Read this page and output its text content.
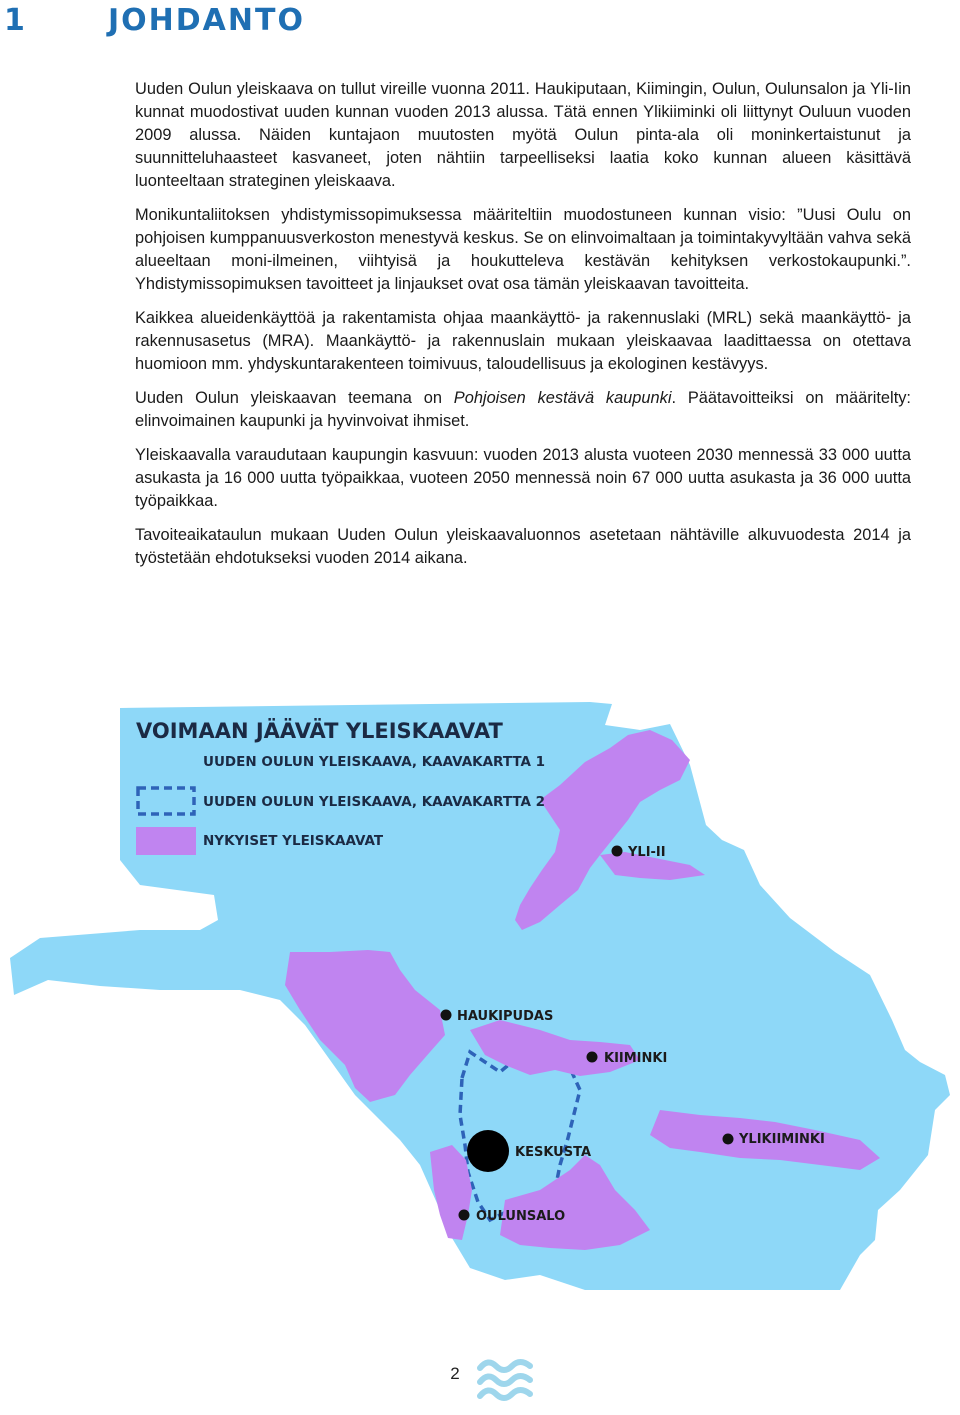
1	JOHDANTO

Uuden Oulun yleiskaava on tullut vireille vuonna 2011. Haukiputaan, Kiimingin, Oulun, Oulunsalon ja Yli-Iin kunnat muodostivat uuden kunnan vuoden 2013 alussa. Tätä ennen Ylikiiminki oli liittynyt Ouluun vuoden 2009 alussa. Näiden kuntajaon muutosten myötä Oulun pinta-ala oli moninkertaistunut ja suunnitteluhaasteet kasvaneet, joten nähtiin tarpeelliseksi laatia koko kunnan alueen käsittävä luonteeltaan strateginen yleiskaava.

Monikuntaliitoksen yhdistymissopimuksessa määriteltiin muodostuneen kunnan visio: ”Uusi Oulu on pohjoisen kumppanuusverkoston menestyvä keskus. Se on elinvoimaltaan ja toimintakyvyltään vahva sekä alueeltaan moni-ilmeinen, viihtyisä ja houkutteleva kestävän kehityksen verkostokaupunki.”. Yhdistymissopimuksen tavoitteet ja linjaukset ovat osa tämän yleiskaavan tavoitteita.

Kaikkea alueidenkäyttöä ja rakentamista ohjaa maankäyttö- ja rakennuslaki (MRL) sekä maankäyttö- ja rakennusasetus (MRA). Maankäyttö- ja rakennuslain mukaan yleiskaavaa laadittaessa on otettava huomioon mm. yhdyskuntarakenteen toimivuus, taloudellisuus ja ekologinen kestävyys.

Uuden Oulun yleiskaavan teemana on Pohjoisen kestävä kaupunki. Päätavoitteiksi on määritelty: elinvoimainen kaupunki ja hyvinvoivat ihmiset.

Yleiskaavalla varaudutaan kaupungin kasvuun: vuoden 2013 alusta vuoteen 2030 mennessä 33 000 uutta asukasta ja 16 000 uutta työpaikkaa, vuoteen 2050 mennessä noin 67 000 uutta asukasta ja 36 000 uutta työpaikkaa.

Tavoiteaikataulun mukaan Uuden Oulun yleiskaavaluonnos asetetaan nähtäville alkuvuodesta 2014 ja työstetään ehdotukseksi vuoden 2014 aikana.

VOIMAAN JÄÄVÄT YLEISKAAVAT
UUDEN OULUN YLEISKAAVA, KAAVAKARTTA 1
UUDEN OULUN YLEISKAAVA, KAAVAKARTTA 2
NYKYISET YLEISKAAVAT
YLI-II
HAUKIPUDAS
KIIMINKI
KESKUSTA
YLIKIIMINKI
OULUNSALO
2
